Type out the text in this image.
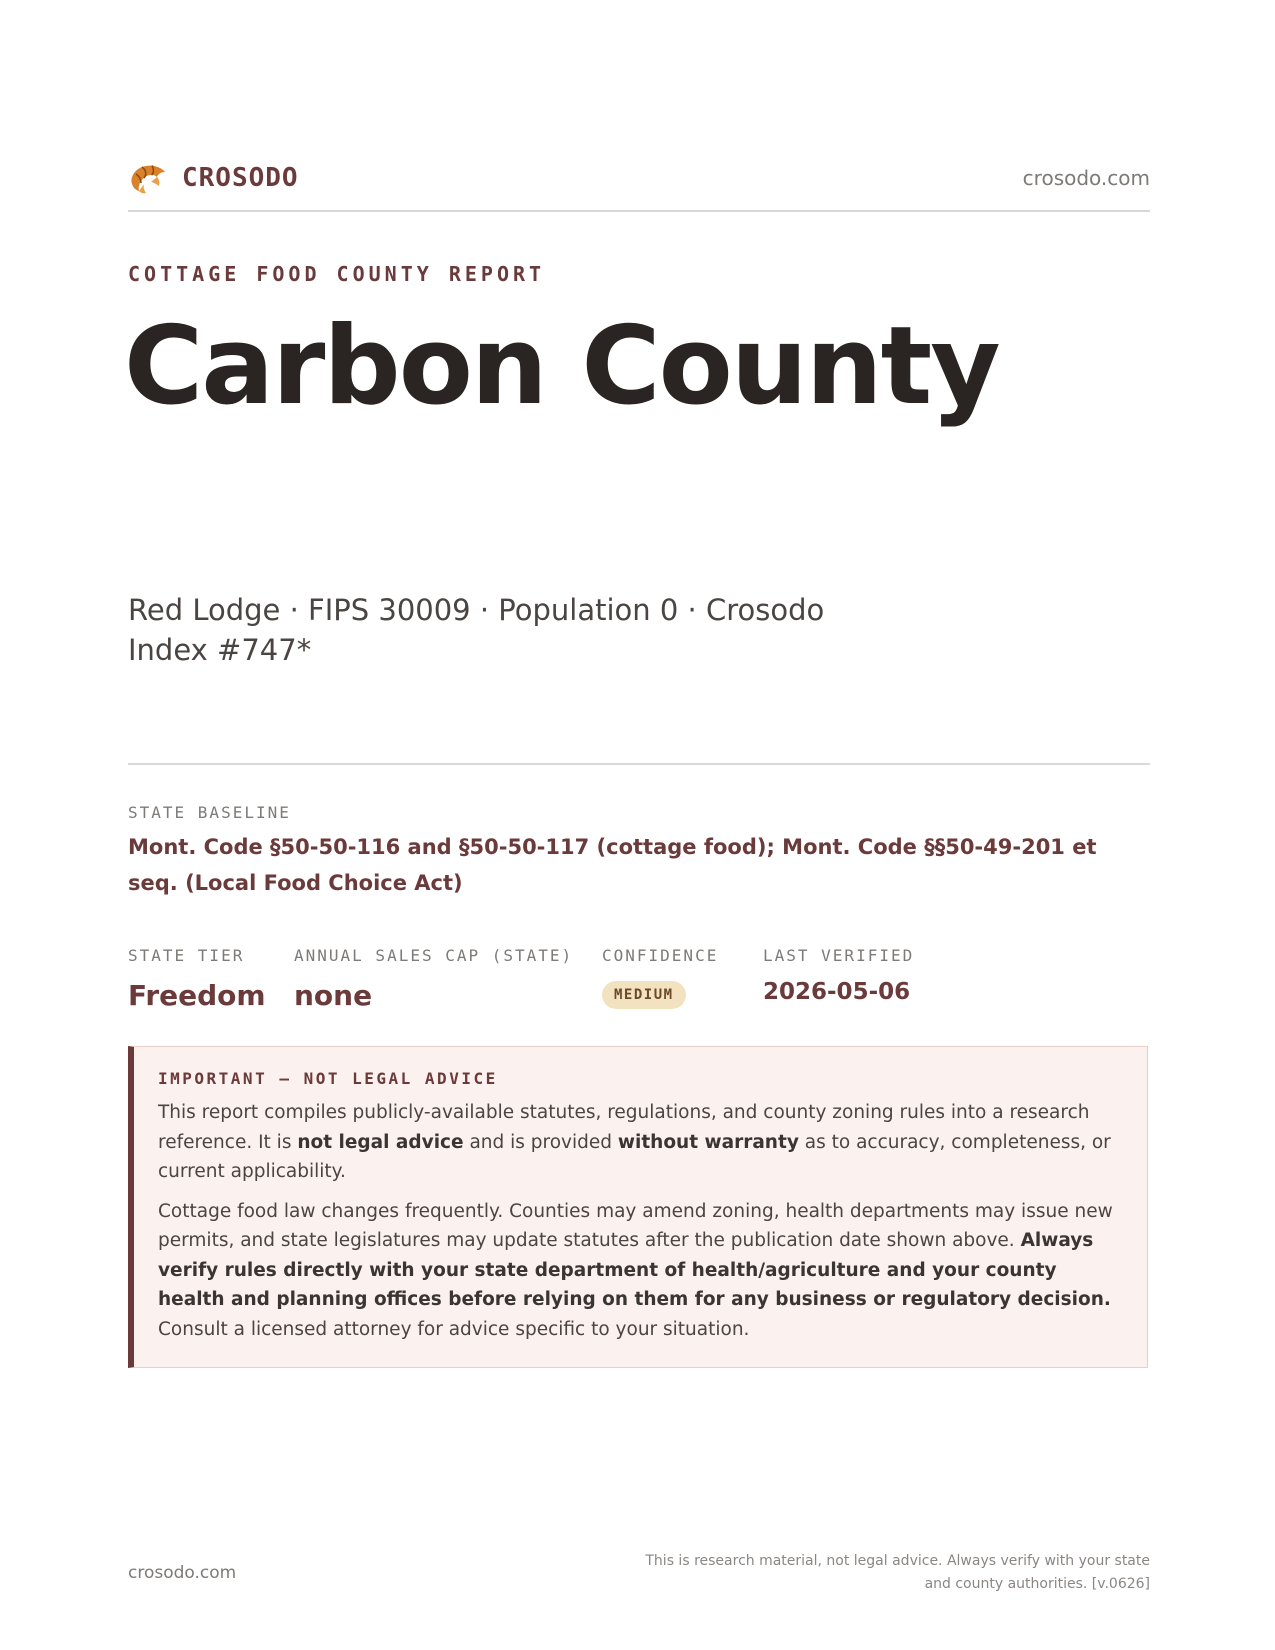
CROSODO	crosodo.com
COTTAGE FOOD COUNTY REPORT
Carbon County
Red Lodge · FIPS 30009 · Population 0 · Crosodo Index #747*
STATE BASELINE
Mont. Code §50-50-116 and §50-50-117 (cottage food); Mont. Code §§50-49-201 et seq. (Local Food Choice Act)
STATE TIER
Freedom
ANNUAL SALES CAP (STATE)
none
CONFIDENCE
MEDIUM
LAST VERIFIED
2026-05-06
IMPORTANT — NOT LEGAL ADVICE

This report compiles publicly-available statutes, regulations, and county zoning rules into a research reference. It is not legal advice and is provided without warranty as to accuracy, completeness, or current applicability.

Cottage food law changes frequently. Counties may amend zoning, health departments may issue new permits, and state legislatures may update statutes after the publication date shown above. Always verify rules directly with your state department of health/agriculture and your county health and planning offices before relying on them for any business or regulatory decision. Consult a licensed attorney for advice specific to your situation.

crosodo.com
This is research material, not legal advice. Always verify with your state and county authorities. [v.0626]
